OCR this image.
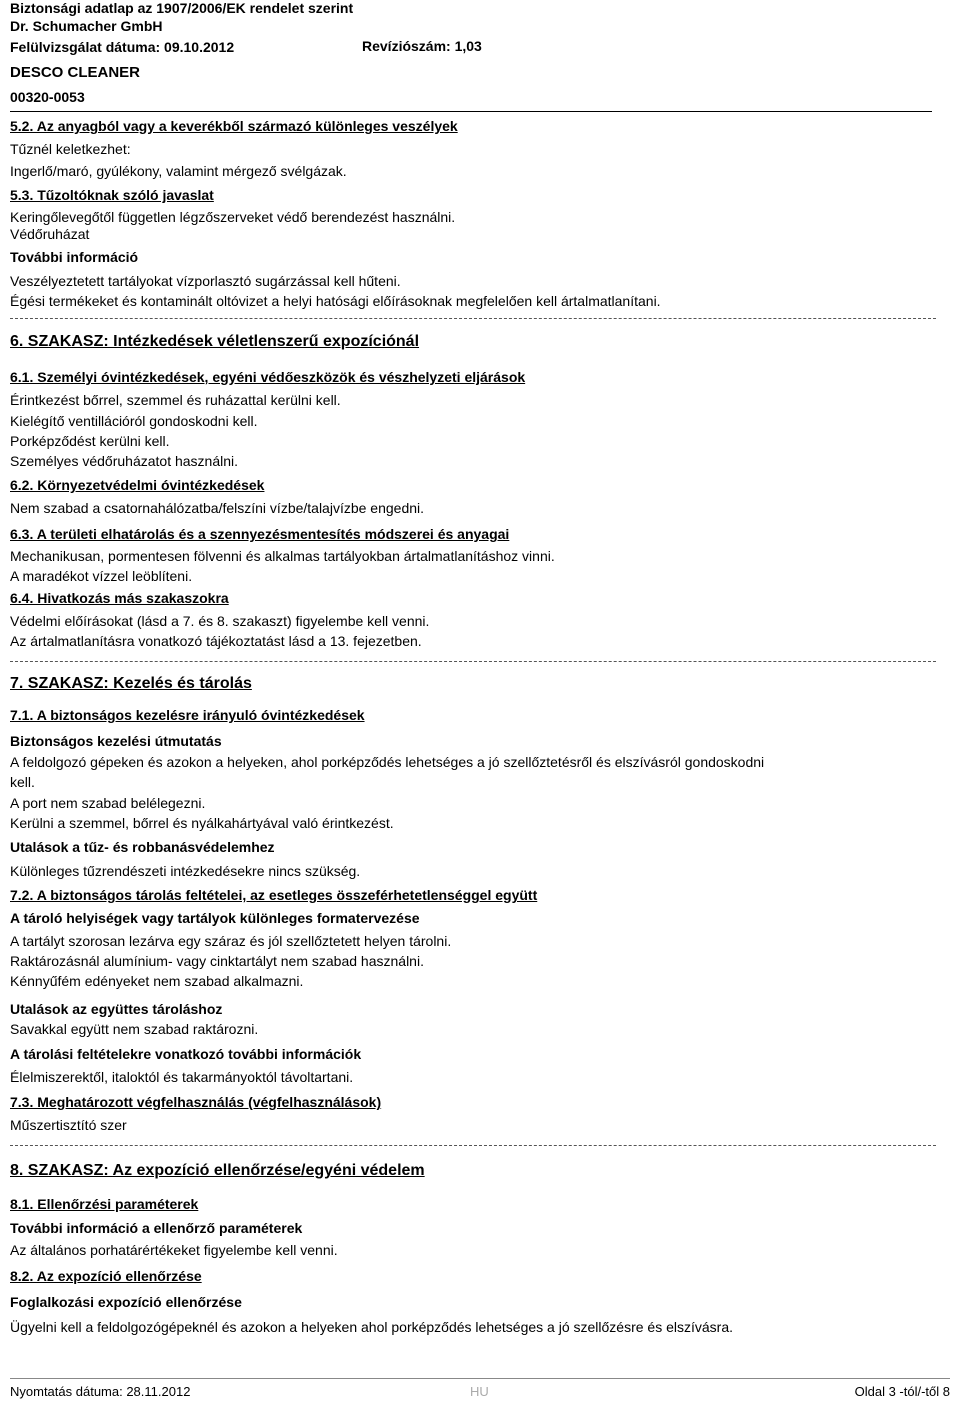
Biztonsági adatlap az 1907/2006/EK rendelet szerint
Dr. Schumacher GmbH
Felülvizsgálat dátuma: 09.10.2012	Revíziószám: 1,03
DESCO CLEANER
00320-0053
5.2. Az anyagból vagy a keverékből származó különleges veszélyek
Tűznél keletkezhet:
Ingerlő/maró, gyúlékony, valamint mérgező svélgázak.
5.3. Tűzoltóknak szóló javaslat
Keringőlevegőtől független légzőszerveket védő berendezést használni.
Védőruházat
További információ
Veszélyeztetett tartályokat vízporlasztó sugárzással kell hűteni.
Égési termékeket és kontaminált oltóvizet a helyi hatósági előírásoknak megfelelően kell ártalmatlanítani.
6. SZAKASZ: Intézkedések véletlenszerű expozíciónál
6.1. Személyi óvintézkedések, egyéni védőeszközök és vészhelyzeti eljárások
Érintkezést bőrrel, szemmel és ruházattal kerülni kell.
Kielégítő ventillációról gondoskodni kell.
Porképződést kerülni kell.
Személyes védőruházatot használni.
6.2. Környezetvédelmi óvintézkedések
Nem szabad a csatornahálózatba/felszíni vízbe/talajvízbe engedni.
6.3. A területi elhatárolás és a szennyezésmentesítés módszerei és anyagai
Mechanikusan, pormentesen fölvenni és alkalmas tartályokban ártalmatlanításhoz vinni.
A maradékot vízzel leöblíteni.
6.4. Hivatkozás más szakaszokra
Védelmi előírásokat (lásd a 7. és 8. szakaszt) figyelembe kell venni.
Az ártalmatlanításra vonatkozó tájékoztatást lásd a 13. fejezetben.
7. SZAKASZ: Kezelés és tárolás
7.1. A biztonságos kezelésre irányuló óvintézkedések
Biztonságos kezelési útmutatás
A feldolgozó gépeken és azokon a helyeken, ahol porképződés lehetséges a jó szellőztetésről és elszívásról gondoskodni
kell.
A port nem szabad belélegezni.
Kerülni a szemmel, bőrrel és nyálkahártyával való érintkezést.
Utalások a tűz- és robbanásvédelemhez
Különleges tűzrendészeti intézkedésekre nincs szükség.
7.2. A biztonságos tárolás feltételei, az esetleges összeférhetetlenséggel együtt
A tároló helyiségek vagy tartályok különleges formatervezése
A tartályt szorosan lezárva egy száraz és jól szellőztetett helyen tárolni.
Raktározásnál alumínium- vagy cinktartályt nem szabad használni.
Kénnyűfém edényeket nem szabad alkalmazni.
Utalások az együttes tároláshoz
Savakkal együtt nem szabad raktározni.
A tárolási feltételekre vonatkozó további információk
Élelmiszerektől, italoktól és takarmányoktól távoltartani.
7.3. Meghatározott végfelhasználás (végfelhasználások)
Műszertisztító szer
8. SZAKASZ: Az expozíció ellenőrzése/egyéni védelem
8.1. Ellenőrzési paraméterek
További információ a ellenőrző paraméterek
Az általános porhatárértékeket figyelembe kell venni.
8.2. Az expozíció ellenőrzése
Foglalkozási expozíció ellenőrzése
Ügyelni kell a feldolgozógépeknél és azokon a helyeken ahol porképződés lehetséges a jó szellőzésre és elszívásra.
Nyomtatás dátuma: 28.11.2012	HU	Oldal 3 -tól/-től 8
